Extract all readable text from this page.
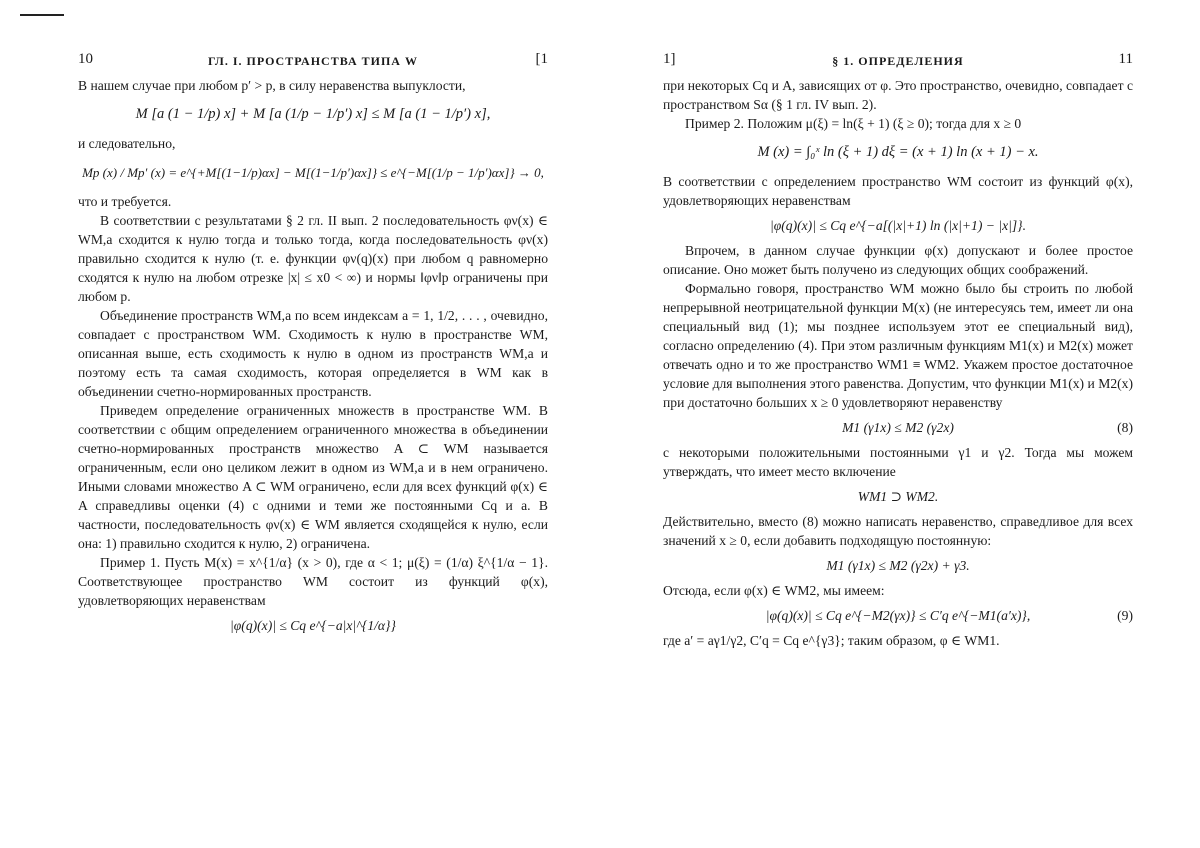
10	ГЛ. I. ПРОСТРАНСТВА ТИПА W	[1

В нашем случае при любом p′ > p, в силу неравенства выпуклости,

M [a (1 − 1/p) x] + M [a (1/p − 1/p′) x] ≤ M [a (1 − 1/p′) x],

и следовательно,

Mp (x) / Mp′ (x) = e^{+M[(1−1/p)αx] − M[(1−1/p′)αx]} ≤ e^{−M[(1/p − 1/p′)αx]} → 0,

что и требуется.

В соответствии с результатами § 2 гл. II вып. 2 последовательность φν(x) ∈ WM,a сходится к нулю тогда и только тогда, когда последовательность φν(x) правильно сходится к нулю (т. е. функции φν(q)(x) при любом q равномерно сходятся к нулю на любом отрезке |x| ≤ x0 < ∞) и нормы ‖φν‖p ограничены при любом p.

Объединение пространств WM,a по всем индексам a = 1, 1/2, . . . , очевидно, совпадает с пространством WM. Сходимость к нулю в пространстве WM, описанная выше, есть сходимость к нулю в одном из пространств WM,a и поэтому есть та самая сходимость, которая определяется в WM как в объединении счетно-нормированных пространств.

Приведем определение ограниченных множеств в пространстве WM. В соответствии с общим определением ограниченного множества в объединении счетно-нормированных пространств множество A ⊂ WM называется ограниченным, если оно целиком лежит в одном из WM,a и в нем ограничено. Иными словами множество A ⊂ WM ограничено, если для всех функций φ(x) ∈ A справедливы оценки (4) с одними и теми же постоянными Cq и a. В частности, последовательность φν(x) ∈ WM является сходящейся к нулю, если она: 1) правильно сходится к нулю, 2) ограничена.

Пример 1. Пусть M(x) = x^{1/α} (x > 0), где α < 1; μ(ξ) = (1/α) ξ^{1/α − 1}. Соответствующее пространство WM состоит из функций φ(x), удовлетворяющих неравенствам

|φ(q)(x)| ≤ Cq e^{−a|x|^{1/α}}
1]	§ 1. ОПРЕДЕЛЕНИЯ	11

при некоторых Cq и A, зависящих от φ. Это пространство, очевидно, совпадает с пространством Sα (§ 1 гл. IV вып. 2).

Пример 2. Положим μ(ξ) = ln(ξ + 1) (ξ ≥ 0); тогда для x ≥ 0

M (x) = ∫₀ˣ ln (ξ + 1) dξ = (x + 1) ln (x + 1) − x.

В соответствии с определением пространство WM состоит из функций φ(x), удовлетворяющих неравенствам

|φ(q)(x)| ≤ Cq e^{−a[(|x|+1) ln (|x|+1) − |x|]}.

Впрочем, в данном случае функции φ(x) допускают и более простое описание. Оно может быть получено из следующих общих соображений.

Формально говоря, пространство WM можно было бы строить по любой непрерывной неотрицательной функции M(x) (не интересуясь тем, имеет ли она специальный вид (1); мы позднее используем этот ее специальный вид), согласно определению (4). При этом различным функциям M1(x) и M2(x) может отвечать одно и то же пространство WM1 ≡ WM2. Укажем простое достаточное условие для выполнения этого равенства. Допустим, что функции M1(x) и M2(x) при достаточно больших x ≥ 0 удовлетворяют неравенству

M1 (γ1x) ≤ M2 (γ2x)	(8)

с некоторыми положительными постоянными γ1 и γ2. Тогда мы можем утверждать, что имеет место включение

WM1 ⊃ WM2.

Действительно, вместо (8) можно написать неравенство, справедливое для всех значений x ≥ 0, если добавить подходящую постоянную:

M1 (γ1x) ≤ M2 (γ2x) + γ3.

Отсюда, если φ(x) ∈ WM2, мы имеем:

|φ(q)(x)| ≤ Cq e^{−M2(γx)} ≤ C′q e^{−M1(a′x)},	(9)

где a′ = aγ1/γ2, C′q = Cq e^{γ3}; таким образом, φ ∈ WM1.
